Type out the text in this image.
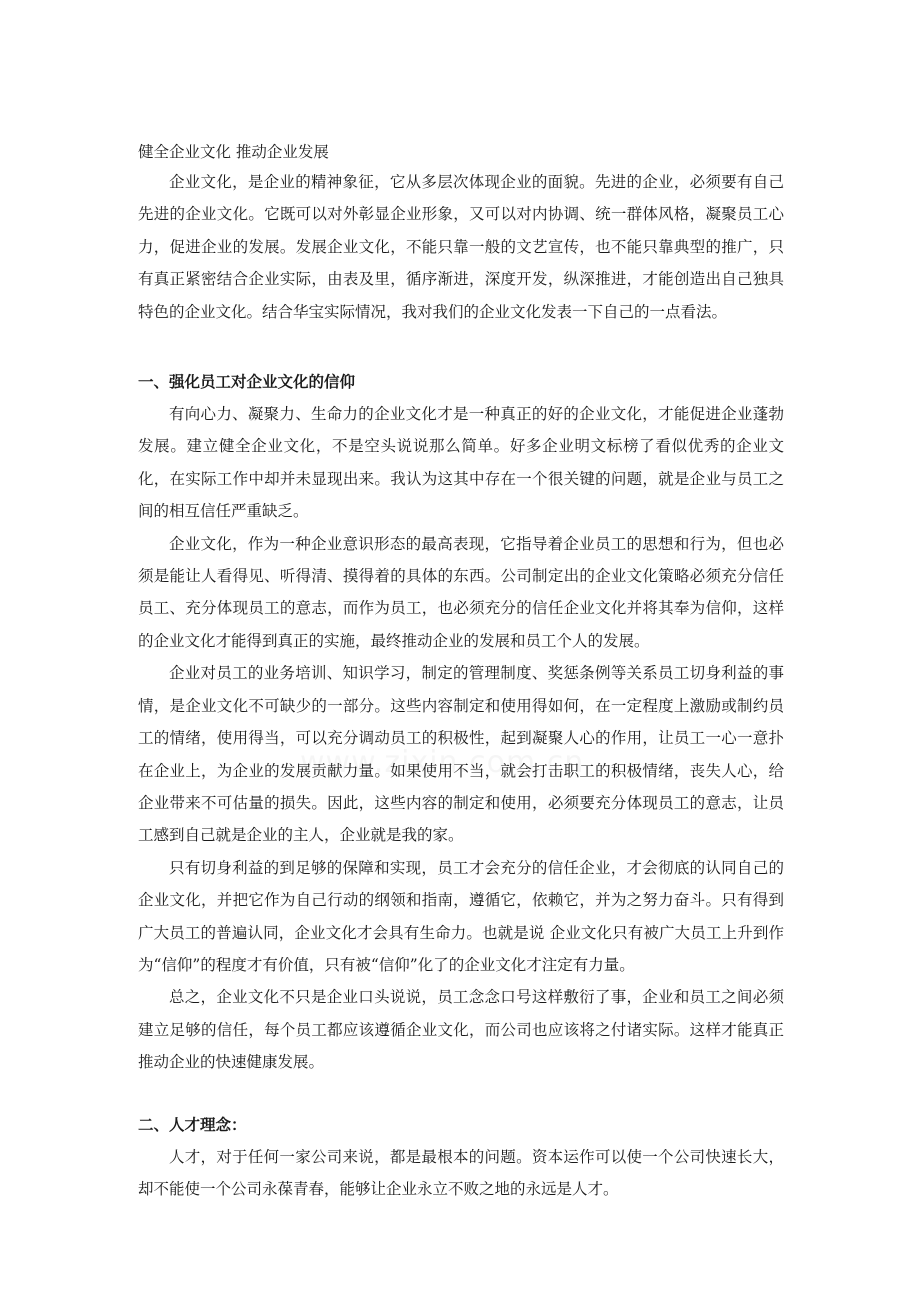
健全企业文化 推动企业发展

企业文化，是企业的精神象征，它从多层次体现企业的面貌。先进的企业，必须要有自己先进的企业文化。它既可以对外彰显企业形象，又可以对内协调、统一群体风格，凝聚员工心力，促进企业的发展。发展企业文化，不能只靠一般的文艺宣传，也不能只靠典型的推广，只有真正紧密结合企业实际，由表及里，循序渐进，深度开发，纵深推进，才能创造出自己独具特色的企业文化。结合华宝实际情况，我对我们的企业文化发表一下自己的一点看法。

一、强化员工对企业文化的信仰

有向心力、凝聚力、生命力的企业文化才是一种真正的好的企业文化，才能促进企业蓬勃发展。建立健全企业文化，不是空头说说那么简单。好多企业明文标榜了看似优秀的企业文化，在实际工作中却并未显现出来。我认为这其中存在一个很关键的问题，就是企业与员工之间的相互信任严重缺乏。

企业文化，作为一种企业意识形态的最高表现，它指导着企业员工的思想和行为，但也必须是能让人看得见、听得清、摸得着的具体的东西。公司制定出的企业文化策略必须充分信任员工、充分体现员工的意志，而作为员工，也必须充分的信任企业文化并将其奉为信仰，这样的企业文化才能得到真正的实施，最终推动企业的发展和员工个人的发展。

企业对员工的业务培训、知识学习，制定的管理制度、奖惩条例等关系员工切身利益的事情，是企业文化不可缺少的一部分。这些内容制定和使用得如何，在一定程度上激励或制约员工的情绪，使用得当，可以充分调动员工的积极性，起到凝聚人心的作用，让员工一心一意扑在企业上，为企业的发展贡献力量。如果使用不当，就会打击职工的积极情绪，丧失人心，给企业带来不可估量的损失。因此，这些内容的制定和使用，必须要充分体现员工的意志，让员工感到自己就是企业的主人，企业就是我的家。

只有切身利益的到足够的保障和实现，员工才会充分的信任企业，才会彻底的认同自己的企业文化，并把它作为自己行动的纲领和指南，遵循它，依赖它，并为之努力奋斗。只有得到广大员工的普遍认同，企业文化才会具有生命力。也就是说 企业文化只有被广大员工上升到作为“信仰”的程度才有价值，只有被“信仰”化了的企业文化才注定有力量。

总之，企业文化不只是企业口头说说，员工念念口号这样敷衍了事，企业和员工之间必须建立足够的信任，每个员工都应该遵循企业文化，而公司也应该将之付诸实际。这样才能真正推动企业的快速健康发展。

二、人才理念：

人才，对于任何一家公司来说，都是最根本的问题。资本运作可以使一个公司快速长大，却不能使一个公司永葆青春，能够让企业永立不败之地的永远是人才。
